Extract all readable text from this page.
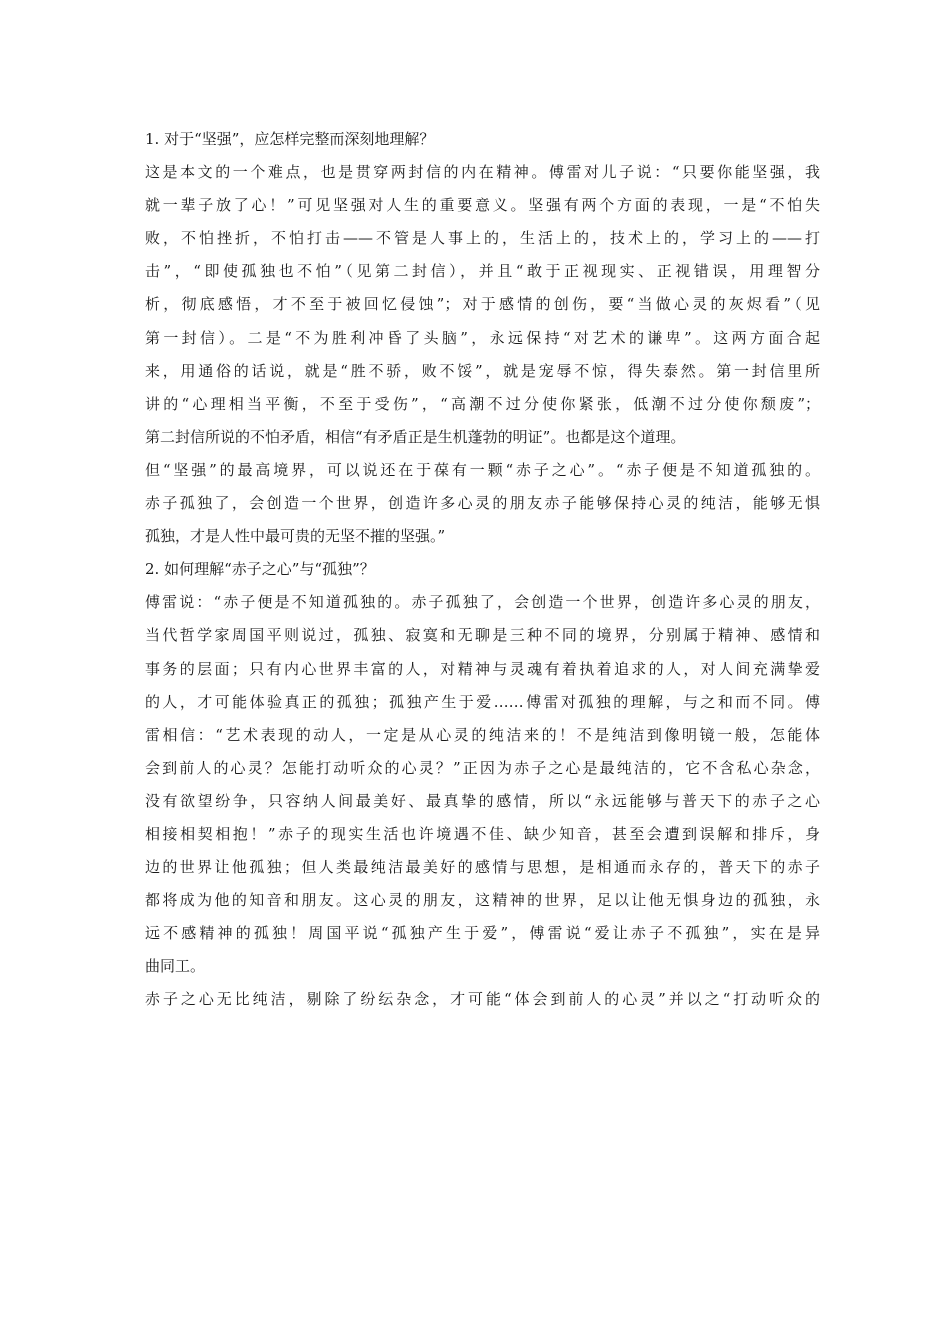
1. 对于“坚强”，应怎样完整而深刻地理解？
这是本文的一个难点，也是贯穿两封信的内在精神。傅雷对儿子说：“只要你能坚强，我
就一辈子放了心！”可见坚强对人生的重要意义。坚强有两个方面的表现，一是“不怕失
败，不怕挫折，不怕打击——不管是人事上的，生活上的，技术上的，学习上的——打
击”，“即使孤独也不怕”（见第二封信），并且“敢于正视现实、正视错误，用理智分
析，彻底感悟，才不至于被回忆侵蚀”；对于感情的创伤，要“当做心灵的灰烬看”（见
第一封信）。二是“不为胜利冲昏了头脑”，永远保持“对艺术的谦卑”。这两方面合起
来，用通俗的话说，就是“胜不骄，败不馁”，就是宠辱不惊，得失泰然。第一封信里所
讲的“心理相当平衡，不至于受伤”，“高潮不过分使你紧张，低潮不过分使你颓废”；
第二封信所说的不怕矛盾，相信“有矛盾正是生机蓬勃的明证”。也都是这个道理。
但“坚强”的最高境界，可以说还在于葆有一颗“赤子之心”。“赤子便是不知道孤独的。
赤子孤独了，会创造一个世界，创造许多心灵的朋友赤子能够保持心灵的纯洁，能够无惧
孤独，才是人性中最可贵的无坚不摧的坚强。”
2. 如何理解“赤子之心”与“孤独”？
傅雷说：“赤子便是不知道孤独的。赤子孤独了，会创造一个世界，创造许多心灵的朋友，
当代哲学家周国平则说过，孤独、寂寞和无聊是三种不同的境界，分别属于精神、感情和
事务的层面；只有内心世界丰富的人，对精神与灵魂有着执着追求的人，对人间充满挚爱
的人，才可能体验真正的孤独；孤独产生于爱……傅雷对孤独的理解，与之和而不同。傅
雷相信：“艺术表现的动人，一定是从心灵的纯洁来的！不是纯洁到像明镜一般，怎能体
会到前人的心灵？怎能打动听众的心灵？”正因为赤子之心是最纯洁的，它不含私心杂念，
没有欲望纷争，只容纳人间最美好、最真挚的感情，所以“永远能够与普天下的赤子之心
相接相契相抱！”赤子的现实生活也许境遇不佳、缺少知音，甚至会遭到误解和排斥，身
边的世界让他孤独；但人类最纯洁最美好的感情与思想，是相通而永存的，普天下的赤子
都将成为他的知音和朋友。这心灵的朋友，这精神的世界，足以让他无惧身边的孤独，永
远不感精神的孤独！周国平说“孤独产生于爱”，傅雷说“爱让赤子不孤独”，实在是异
曲同工。
赤子之心无比纯洁，剔除了纷纭杂念，才可能“体会到前人的心灵”并以之“打动听众的
